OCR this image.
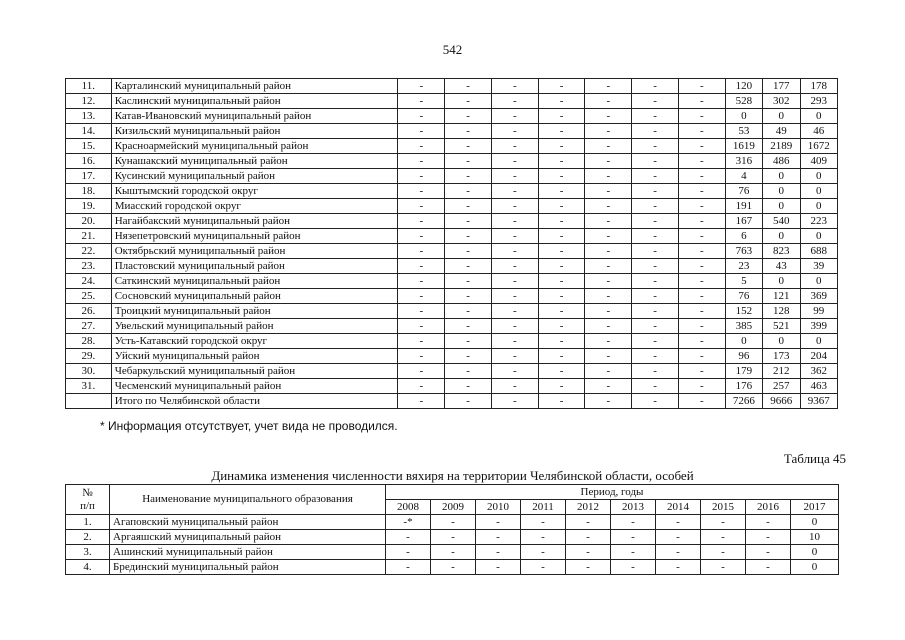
542
11.	Карталинский муниципальный район	-	-	-	-	-	-	-	120	177	178
12.	Каслинский муниципальный район	-	-	-	-	-	-	-	528	302	293
13.	Катав-Ивановский муниципальный район	-	-	-	-	-	-	-	0	0	0
14.	Кизильский муниципальный район	-	-	-	-	-	-	-	53	49	46
15.	Красноармейский муниципальный район	-	-	-	-	-	-	-	1619	2189	1672
16.	Кунашакский муниципальный район	-	-	-	-	-	-	-	316	486	409
17.	Кусинский муниципальный район	-	-	-	-	-	-	-	4	0	0
18.	Кыштымский городской округ	-	-	-	-	-	-	-	76	0	0
19.	Миасский городской округ	-	-	-	-	-	-	-	191	0	0
20.	Нагайбакский муниципальный район	-	-	-	-	-	-	-	167	540	223
21.	Нязепетровский муниципальный район	-	-	-	-	-	-	-	6	0	0
22.	Октябрьский муниципальный район	-	-	-	-	-	-	-	763	823	688
23.	Пластовский муниципальный район	-	-	-	-	-	-	-	23	43	39
24.	Саткинский муниципальный район	-	-	-	-	-	-	-	5	0	0
25.	Сосновский муниципальный район	-	-	-	-	-	-	-	76	121	369
26.	Троицкий муниципальный район	-	-	-	-	-	-	-	152	128	99
27.	Увельский муниципальный район	-	-	-	-	-	-	-	385	521	399
28.	Усть-Катавский городской округ	-	-	-	-	-	-	-	0	0	0
29.	Уйский муниципальный район	-	-	-	-	-	-	-	96	173	204
30.	Чебаркульский муниципальный район	-	-	-	-	-	-	-	179	212	362
31.	Чесменский муниципальный район	-	-	-	-	-	-	-	176	257	463
	Итого по Челябинской области	-	-	-	-	-	-	-	7266	9666	9367
* Информация отсутствует, учет вида не проводился.
Таблица 45
Динамика изменения численности вяхиря на территории Челябинской области, особей
№
п/п	Наименование муниципального образования	Период, годы									
		2008	2009	2010	2011	2012	2013	2014	2015	2016	2017
1.	Агаповский муниципальный район	-*	-	-	-	-	-	-	-	-	0
2.	Аргаяшский муниципальный район	-	-	-	-	-	-	-	-	-	10
3.	Ашинский муниципальный район	-	-	-	-	-	-	-	-	-	0
4.	Брединский муниципальный район	-	-	-	-	-	-	-	-	-	0
